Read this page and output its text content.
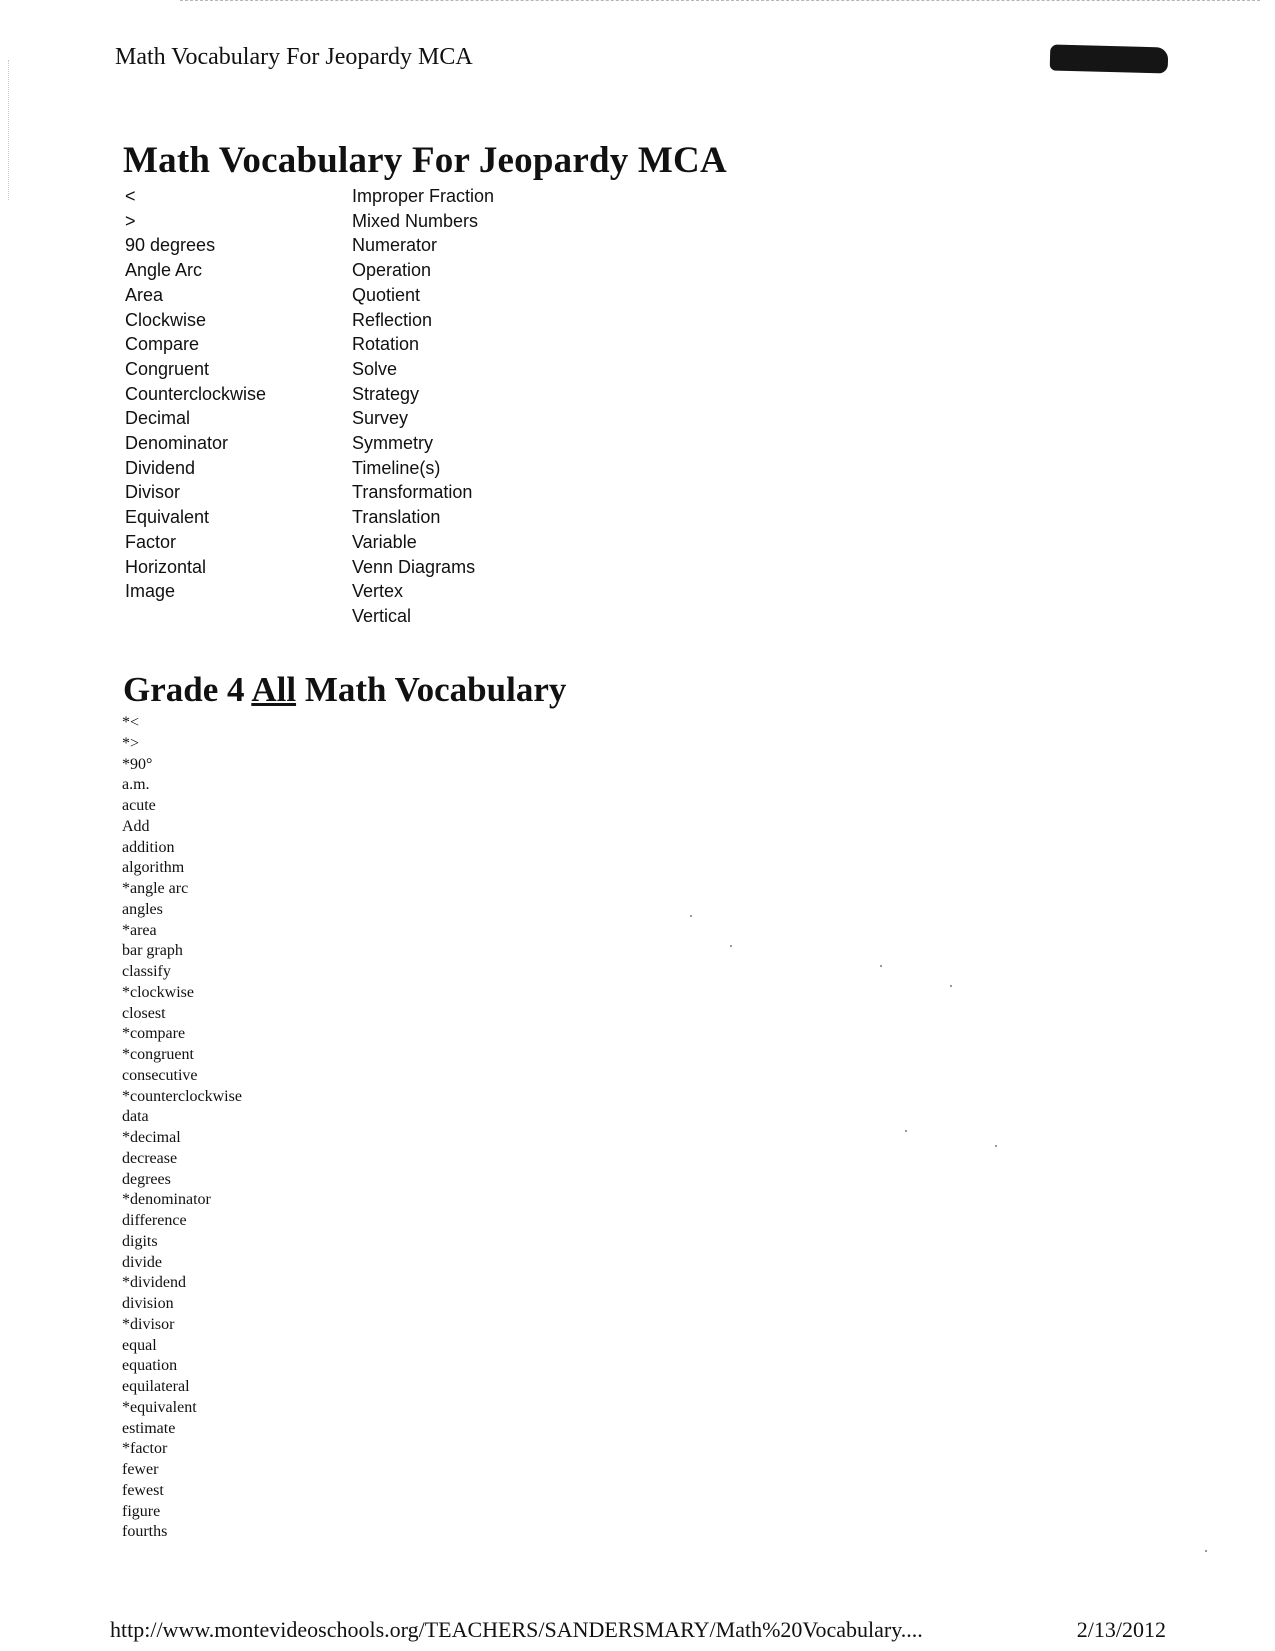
Math Vocabulary For Jeopardy MCA
Math Vocabulary For Jeopardy MCA
<
>
90 degrees
Angle Arc
Area
Clockwise
Compare
Congruent
Counterclockwise
Decimal
Denominator
Dividend
Divisor
Equivalent
Factor
Horizontal
Image
Improper Fraction
Mixed Numbers
Numerator
Operation
Quotient
Reflection
Rotation
Solve
Strategy
Survey
Symmetry
Timeline(s)
Transformation
Translation
Variable
Venn Diagrams
Vertex
Vertical
Grade 4 All Math Vocabulary
*<
*>
*90°
a.m.
acute
Add
addition
algorithm
*angle arc
angles
*area
bar graph
classify
*clockwise
closest
*compare
*congruent
consecutive
*counterclockwise
data
*decimal
decrease
degrees
*denominator
difference
digits
divide
*dividend
division
*divisor
equal
equation
equilateral
*equivalent
estimate
*factor
fewer
fewest
figure
fourths
http://www.montevideoschools.org/TEACHERS/SANDERSMARY/Math%20Vocabulary....	2/13/2012
